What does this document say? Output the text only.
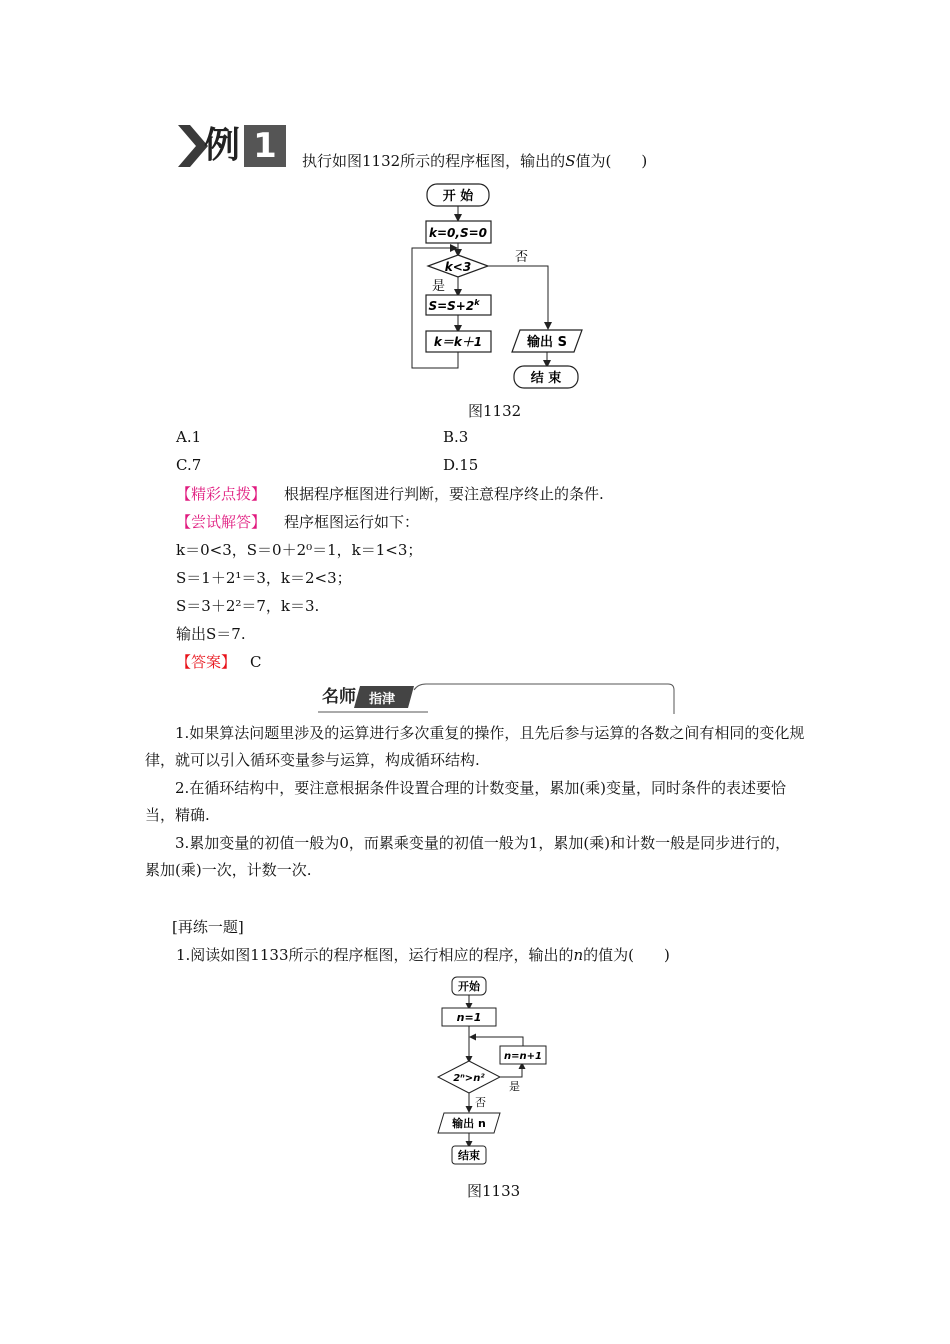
例 1	执行如图1132所示的程序框图，输出的S值为(　　)
开 始
k=0,S=0
k<3
否
是
$S=S+2^k$
k＝k＋1	输出 S
结 束
图1132
A.1	B.3
C.7	D.15
【精彩点拨】 根据程序框图进行判断，要注意程序终止的条件.
【尝试解答】 程序框图运行如下：
k＝0<3，S＝0＋2⁰＝1，k＝1<3；
S＝1＋2¹＝3，k＝2<3；
S＝3＋2²＝7，k＝3.
输出S＝7.
【答案】 C
名师 指津
1.如果算法问题里涉及的运算进行多次重复的操作，且先后参与运算的各数之间有相同的变化规律，就可以引入循环变量参与运算，构成循环结构.
2.在循环结构中，要注意根据条件设置合理的计数变量，累加(乘)变量，同时条件的表述要恰当，精确.
3.累加变量的初值一般为0，而累乘变量的初值一般为1，累加(乘)和计数一般是同步进行的，累加(乘)一次，计数一次.
[再练一题]
1.阅读如图1133所示的程序框图，运行相应的程序，输出的n的值为(　　)
开始
n=1
2ⁿ>n²
是
n=n+1
否
输出 n
结束
图1133
